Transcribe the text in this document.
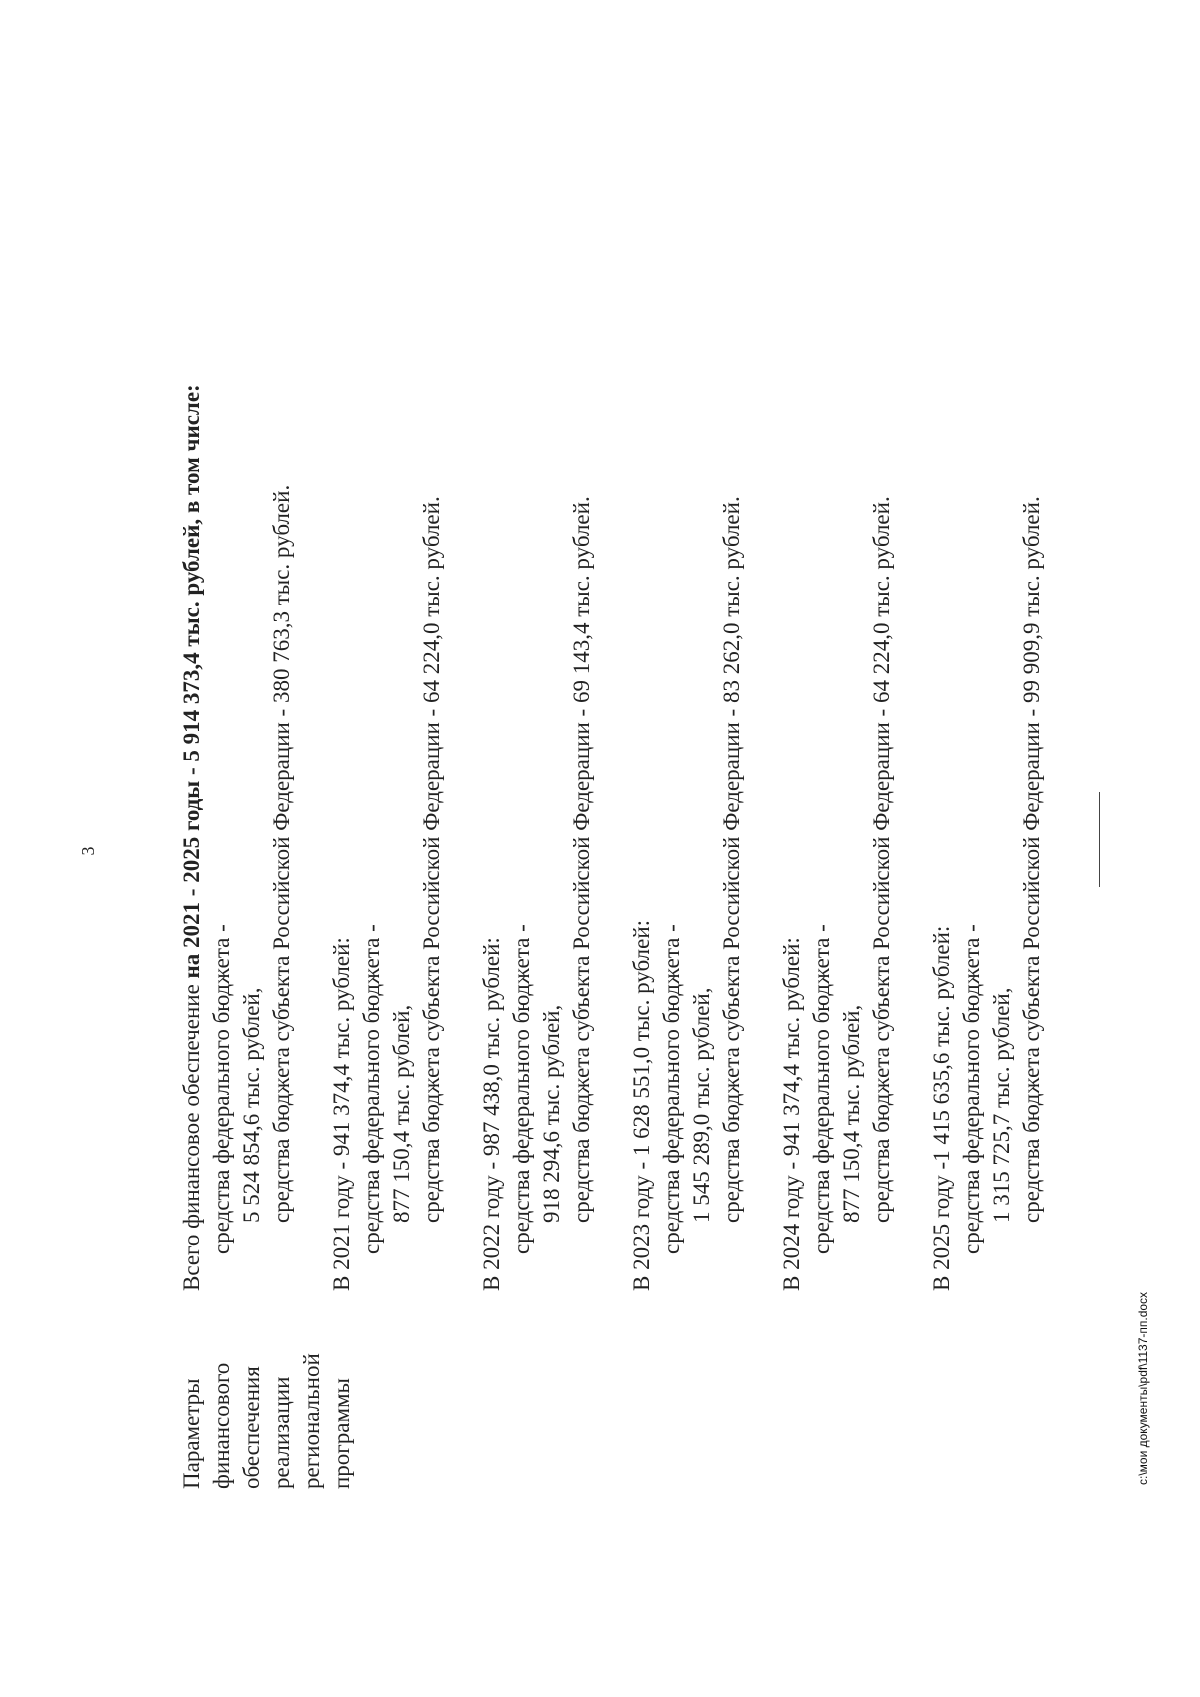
3
Параметры финансового обеспечения реализации региональной программы
Всего финансовое обеспечение на 2021 - 2025 годы - 5 914 373,4 тыс. рублей, в том числе:
средства федерального бюджета - 5 524 854,6 тыс. рублей, средства бюджета субъекта Российской Федерации - 380 763,3 тыс. рублей. В 2021 году - 941 374,4 тыс. рублей: средства федерального бюджета - 877 150,4 тыс. рублей, средства бюджета субъекта Российской Федерации - 64 224,0 тыс. рублей. В 2022 году - 987 438,0 тыс. рублей: средства федерального бюджета - 918 294,6 тыс. рублей, средства бюджета субъекта Российской Федерации - 69 143,4 тыс. рублей. В 2023 году - 1 628 551,0 тыс. рублей: средства федерального бюджета - 1 545 289,0 тыс. рублей, средства бюджета субъекта Российской Федерации - 83 262,0 тыс. рублей. В 2024 году - 941 374,4 тыс. рублей: средства федерального бюджета - 877 150,4 тыс. рублей, средства бюджета субъекта Российской Федерации - 64 224,0 тыс. рублей. В 2025 году -1 415 635,6 тыс. рублей: средства федерального бюджета - 1 315 725,7 тыс. рублей, средства бюджета субъекта Российской Федерации - 99 909,9 тыс. рублей.
c:\мои документы\pdf\1137-пп.docx
